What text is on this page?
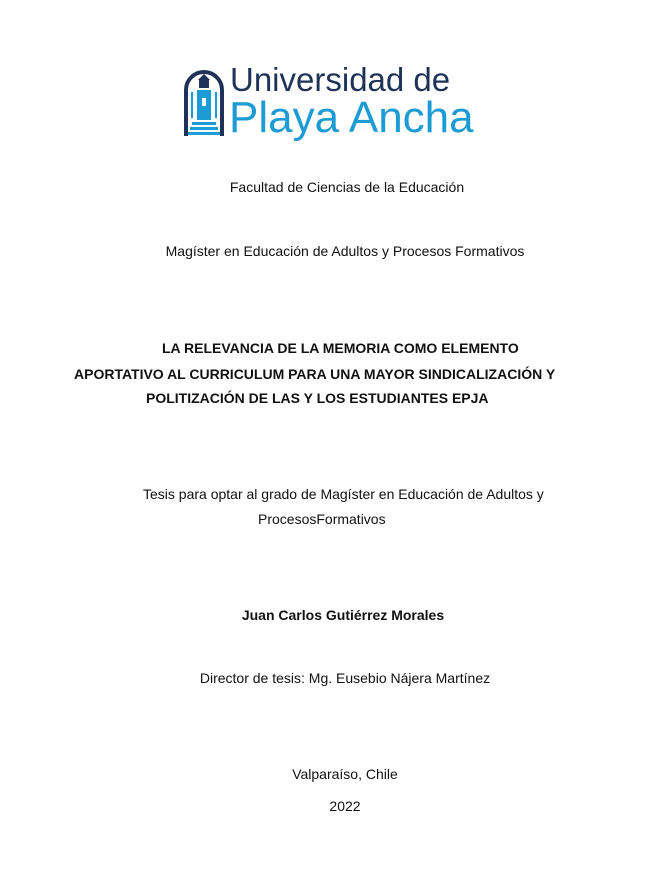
Universidad de
Playa Ancha
Facultad de Ciencias de la Educación
Magíster en Educación de Adultos y Procesos Formativos
LA RELEVANCIA DE LA MEMORIA COMO ELEMENTO
APORTATIVO AL CURRICULUM PARA UNA MAYOR SINDICALIZACIÓN Y
POLITIZACIÓN DE LAS Y LOS ESTUDIANTES EPJA
Tesis para optar al grado de Magíster en Educación de Adultos y
ProcesosFormativos
Juan Carlos Gutiérrez Morales
Director de tesis: Mg. Eusebio Nájera Martínez
Valparaíso, Chile
2022
